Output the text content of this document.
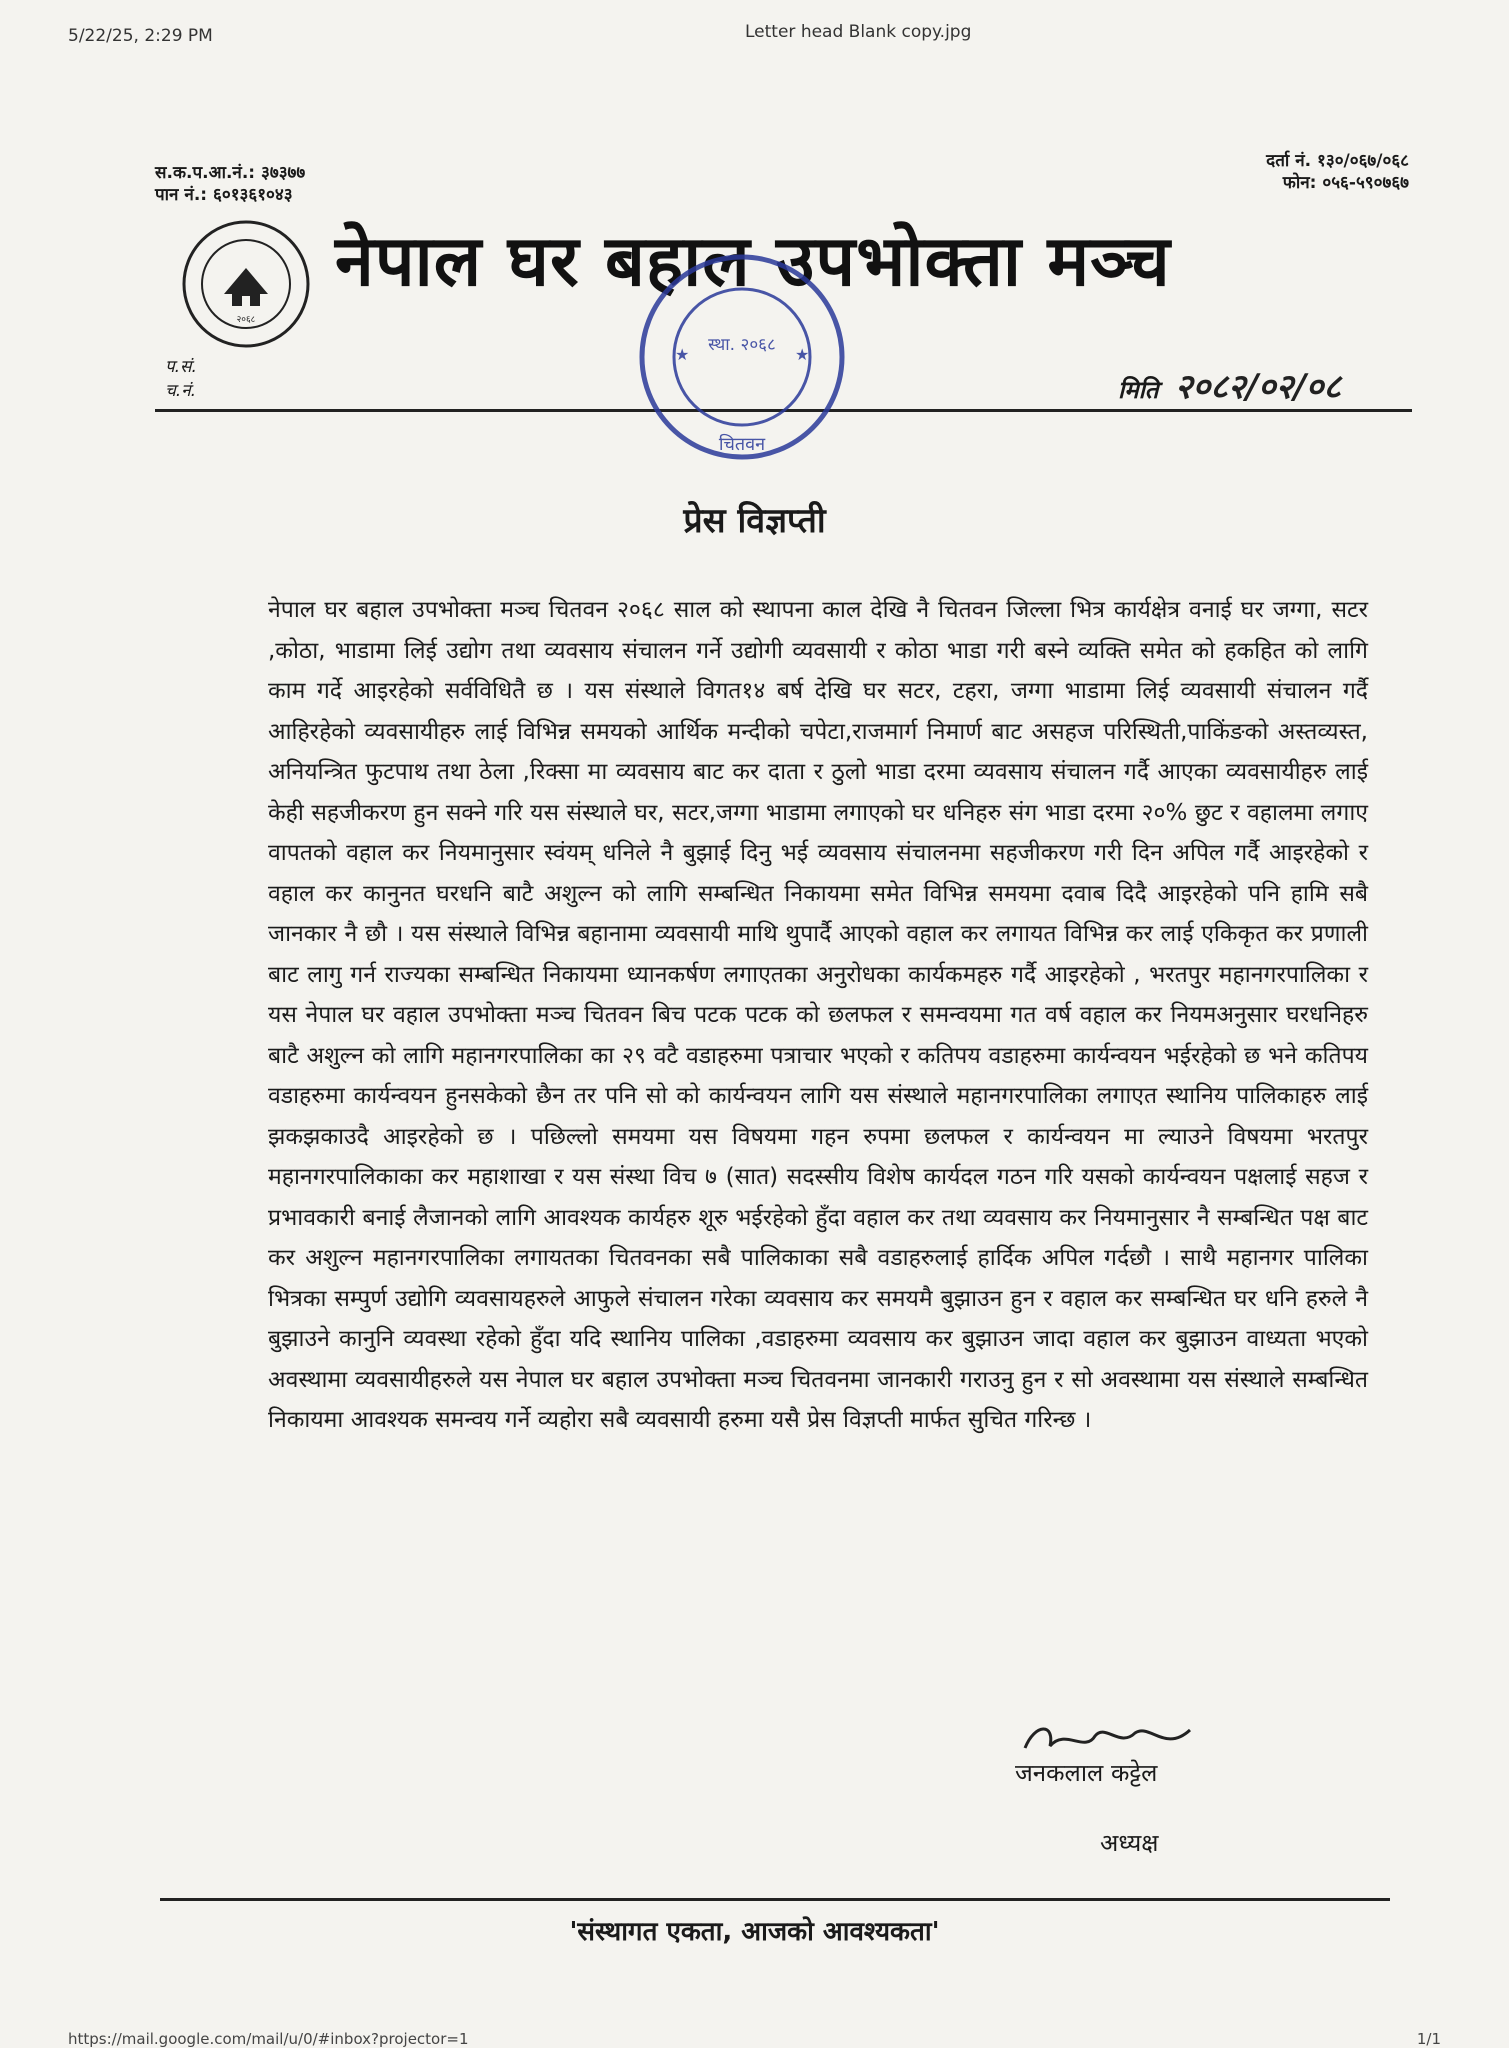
5/22/25, 2:29 PM	Letter head Blank copy.jpg
स.क.प.आ.नं.: ३७३७७
पान नं.: ६०१३६१०४३
दर्ता नं. १३०/०६७/०६८
फोन: ०५६-५९०७६७
२०६८
नेपाल घर बहाल उपभोक्ता मञ्च
प.सं.
च.नं.	मिति २०८२/०२/०८
स्था. २०६८
★	★
चितवन
प्रेस विज्ञप्ती
नेपाल घर बहाल उपभोक्ता मञ्च चितवन २०६८ साल को स्थापना काल देखि नै चितवन जिल्ला भित्र कार्यक्षेत्र वनाई घर जग्गा, सटर ,कोठा, भाडामा लिई उद्योग तथा व्यवसाय संचालन गर्ने उद्योगी व्यवसायी र कोठा भाडा गरी बस्ने व्यक्ति समेत को हकहित को लागि काम गर्दे आइरहेको सर्वविधितै छ । यस संस्थाले विगत१४ बर्ष देखि घर सटर, टहरा, जग्गा भाडामा लिई व्यवसायी संचालन गर्दै आहिरहेको व्यवसायीहरु लाई विभिन्न समयको आर्थिक मन्दीको चपेटा,राजमार्ग निमार्ण बाट असहज परिस्थिती,पाकिंङको अस्तव्यस्त, अनियन्त्रित फुटपाथ तथा ठेला ,रिक्सा मा व्यवसाय बाट कर दाता र ठुलो भाडा दरमा व्यवसाय संचालन गर्दै आएका व्यवसायीहरु लाई केही सहजीकरण हुन सक्ने गरि यस संस्थाले घर, सटर,जग्गा भाडामा लगाएको घर धनिहरु संग भाडा दरमा २०% छुट र वहालमा लगाए वापतको वहाल कर नियमानुसार स्वंयम् धनिले नै बुझाई दिनु भई व्यवसाय संचालनमा सहजीकरण गरी दिन अपिल गर्दै आइरहेको र वहाल कर कानुनत घरधनि बाटै अशुल्न को लागि सम्बन्धित निकायमा समेत विभिन्न समयमा दवाब दिदै आइरहेको पनि हामि सबै जानकार नै छौ । यस संस्थाले विभिन्न बहानामा व्यवसायी माथि थुपार्दै आएको वहाल कर लगायत विभिन्न कर लाई एकिकृत कर प्रणाली बाट लागु गर्न राज्यका सम्बन्धित निकायमा ध्यानकर्षण लगाएतका अनुरोधका कार्यकमहरु गर्दै आइरहेको , भरतपुर महानगरपालिका र यस नेपाल घर वहाल उपभोक्ता मञ्च चितवन बिच पटक पटक को छलफल र समन्वयमा गत वर्ष वहाल कर नियमअनुसार घरधनिहरु बाटै अशुल्न को लागि महानगरपालिका का २९ वटै वडाहरुमा पत्राचार भएको र कतिपय वडाहरुमा कार्यन्वयन भईरहेको छ भने कतिपय वडाहरुमा कार्यन्वयन हुनसकेको छैन तर पनि सो को कार्यन्वयन लागि यस संस्थाले महानगरपालिका लगाएत स्थानिय पालिकाहरु लाई झकझकाउदै आइरहेको छ । पछिल्लो समयमा यस विषयमा गहन रुपमा छलफल र कार्यन्वयन मा ल्याउने विषयमा भरतपुर महानगरपालिकाका कर महाशाखा र यस संस्था विच ७ (सात) सदस्सीय विशेष कार्यदल गठन गरि यसको कार्यन्वयन पक्षलाई सहज र प्रभावकारी बनाई लैजानको लागि आवश्यक कार्यहरु शूरु भईरहेको हुँदा वहाल कर तथा व्यवसाय कर नियमानुसार नै सम्बन्धित पक्ष बाट कर अशुल्न महानगरपालिका लगायतका चितवनका सबै पालिकाका सबै वडाहरुलाई हार्दिक अपिल गर्दछौ । साथै महानगर पालिका भित्रका सम्पुर्ण उद्योगि व्यवसायहरुले आफुले संचालन गरेका व्यवसाय कर समयमै बुझाउन हुन र वहाल कर सम्बन्धित घर धनि हरुले नै बुझाउने कानुनि व्यवस्था रहेको हुँदा यदि स्थानिय पालिका ,वडाहरुमा व्यवसाय कर बुझाउन जादा वहाल कर बुझाउन वाध्यता भएको अवस्थामा व्यवसायीहरुले यस नेपाल घर बहाल उपभोक्ता मञ्च चितवनमा जानकारी गराउनु हुन र सो अवस्थामा यस संस्थाले सम्बन्धित निकायमा आवश्यक समन्वय गर्ने व्यहोरा सबै व्यवसायी हरुमा यसै प्रेस विज्ञप्ती मार्फत सुचित गरिन्छ ।
जनकलाल कट्टेल
अध्यक्ष
'संस्थागत एकता, आजको आवश्यकता'
https://mail.google.com/mail/u/0/#inbox?projector=1	1/1
